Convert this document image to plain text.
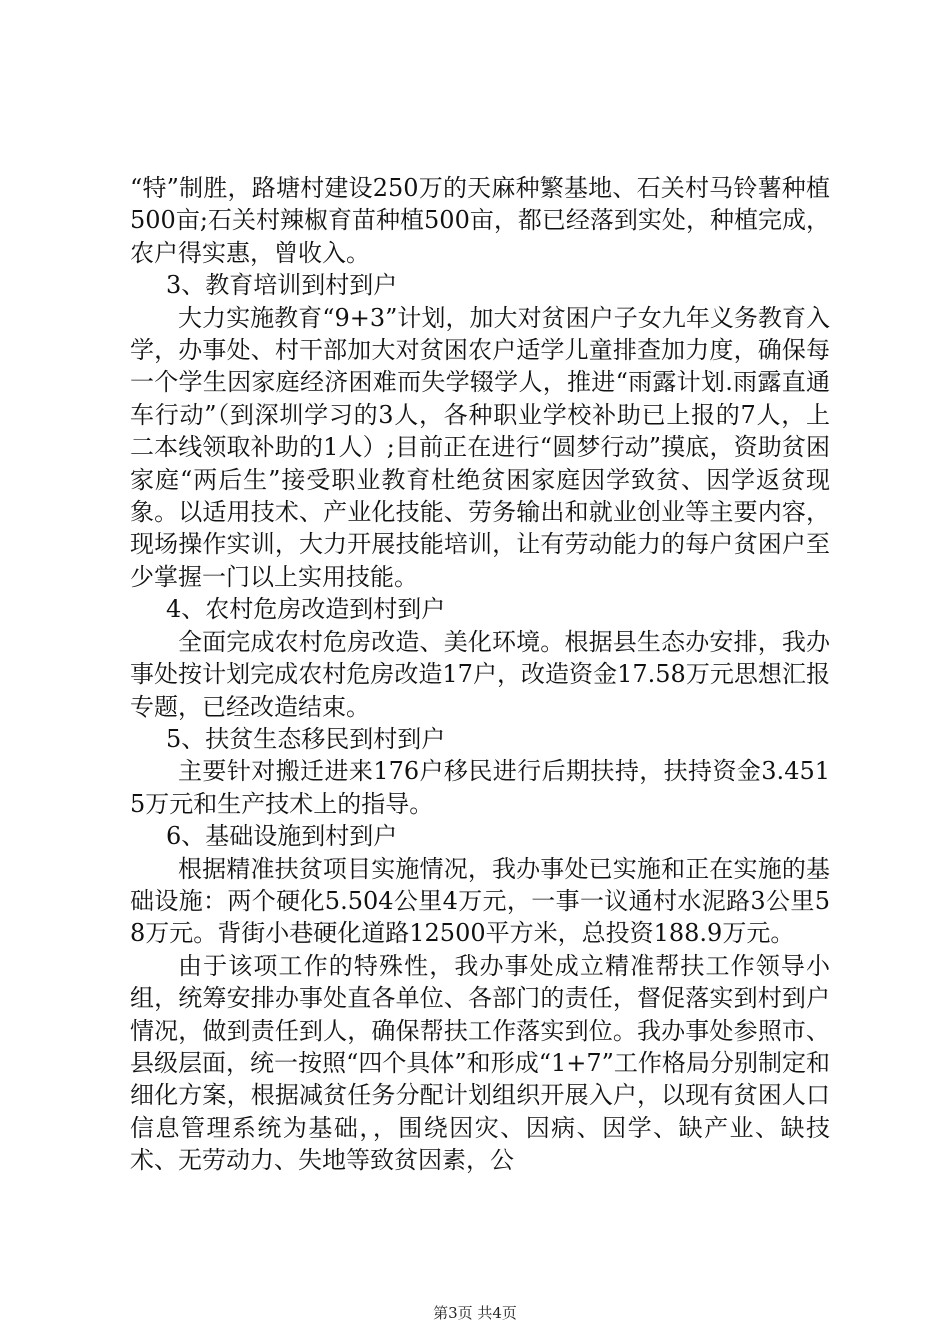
“特”制胜，路塘村建设250万的天麻种繁基地、石关村马铃薯种植500亩;石关村辣椒育苗种植500亩，都已经落到实处，种植完成，农户得实惠，曾收入。

3、教育培训到村到户

大力实施教育“9+3”计划，加大对贫困户子女九年义务教育入学，办事处、村干部加大对贫困农户适学儿童排查加力度，确保每一个学生因家庭经济困难而失学辍学人，推进“雨露计划.雨露直通车行动”（到深圳学习的3人，各种职业学校补助已上报的7人，上二本线领取补助的1人）;目前正在进行“圆梦行动”摸底，资助贫困家庭“两后生”接受职业教育杜绝贫困家庭因学致贫、因学返贫现象。以适用技术、产业化技能、劳务输出和就业创业等主要内容，现场操作实训，大力开展技能培训，让有劳动能力的每户贫困户至少掌握一门以上实用技能。

4、农村危房改造到村到户

全面完成农村危房改造、美化环境。根据县生态办安排，我办事处按计划完成农村危房改造17户，改造资金17.58万元思想汇报专题，已经改造结束。

5、扶贫生态移民到村到户

主要针对搬迁进来176户移民进行后期扶持，扶持资金3.4515万元和生产技术上的指导。

6、基础设施到村到户

根据精准扶贫项目实施情况，我办事处已实施和正在实施的基础设施：两个硬化5.504公里4万元，一事一议通村水泥路3公里58万元。背街小巷硬化道路12500平方米，总投资188.9万元。

由于该项工作的特殊性，我办事处成立精准帮扶工作领导小组，统筹安排办事处直各单位、各部门的责任，督促落实到村到户情况，做到责任到人，确保帮扶工作落实到位。我办事处参照市、县级层面，统一按照“四个具体”和形成“1+7”工作格局分别制定和细化方案，根据减贫任务分配计划组织开展入户，以现有贫困人口信息管理系统为基础，，围绕因灾、因病、因学、缺产业、缺技术、无劳动力、失地等致贫因素，公

第3页 共4页
